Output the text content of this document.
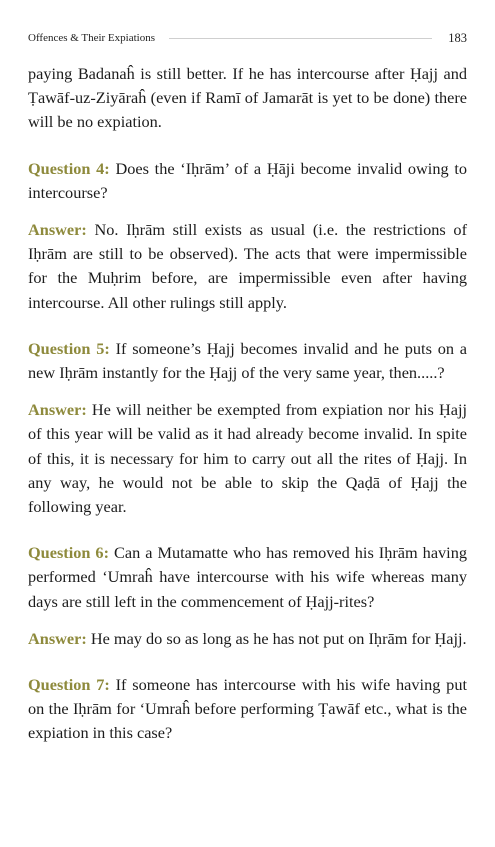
Offences & Their Expiations	183

paying Badanaĥ is still better. If he has intercourse after Ḥajj and Ṭawāf-uz-Ziyāraĥ (even if Ramī of Jamarāt is yet to be done) there will be no expiation.

Question 4: Does the ‘Iḥrām’ of a Ḥāji become invalid owing to intercourse?

Answer: No. Iḥrām still exists as usual (i.e. the restrictions of Iḥrām are still to be observed). The acts that were impermissible for the Muḥrim before, are impermissible even after having intercourse. All other rulings still apply.

Question 5: If someone’s Ḥajj becomes invalid and he puts on a new Iḥrām instantly for the Ḥajj of the very same year, then.....?

Answer: He will neither be exempted from expiation nor his Ḥajj of this year will be valid as it had already become invalid. In spite of this, it is necessary for him to carry out all the rites of Ḥajj. In any way, he would not be able to skip the Qaḍā of Ḥajj the following year.

Question 6: Can a Mutamatte who has removed his Iḥrām having performed ‘Umraĥ have intercourse with his wife whereas many days are still left in the commencement of Ḥajj-rites?

Answer: He may do so as long as he has not put on Iḥrām for Ḥajj.

Question 7: If someone has intercourse with his wife having put on the Iḥrām for ‘Umraĥ before performing Ṭawāf etc., what is the expiation in this case?
